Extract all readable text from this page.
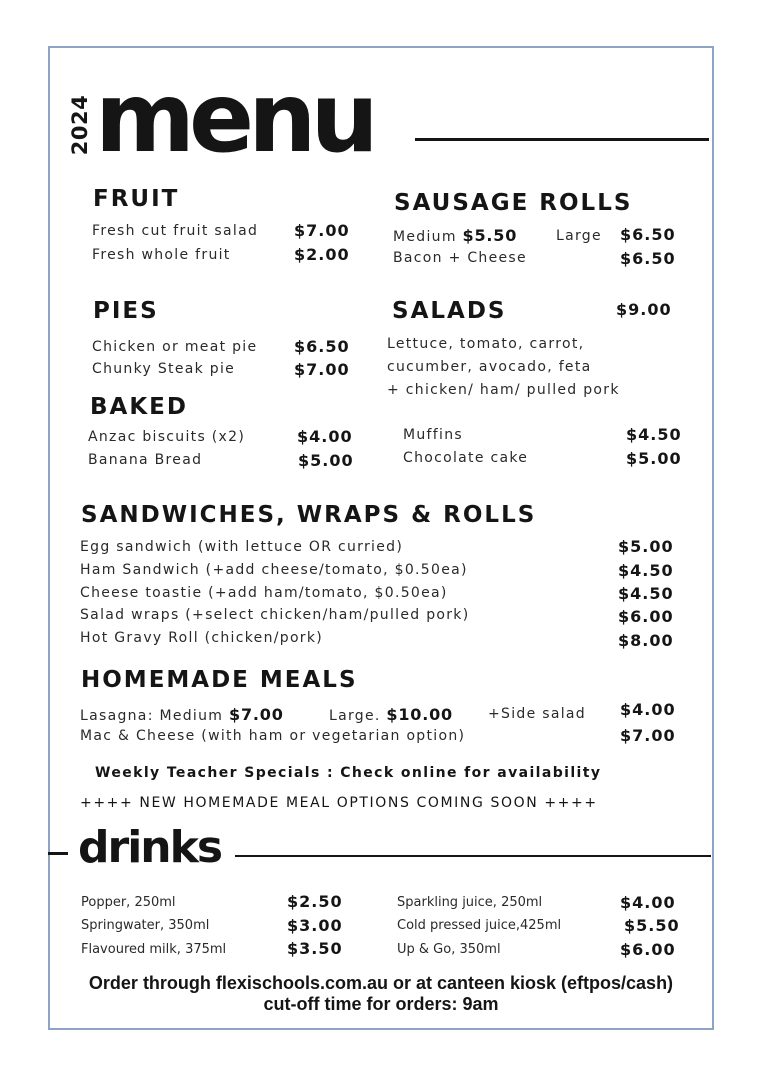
2024 menu
FRUIT
Fresh cut fruit salad $7.00
Fresh whole fruit	$2.00
SAUSAGE ROLLS
Medium $5.50	Large $6.50
Bacon + Cheese	$6.50
PIES
Chicken or meat pie $6.50
Chunky Steak pie	$7.00
SALADS	$9.00
Lettuce, tomato, carrot,
cucumber, avocado, feta
+ chicken/ ham/ pulled pork
BAKED
Anzac biscuits (x2)	$4.00
Banana Bread	$5.00
Muffins	$4.50
Chocolate cake	$5.00
SANDWICHES, WRAPS & ROLLS
Egg sandwich (with lettuce OR curried)	$5.00
Ham Sandwich (+add cheese/tomato, $0.50ea)	$4.50
Cheese toastie (+add ham/tomato, $0.50ea)	$4.50
Salad wraps (+select chicken/ham/pulled pork)	$6.00
Hot Gravy Roll (chicken/pork)	$8.00
HOMEMADE MEALS
Lasagna: Medium $7.00	Large. $10.00	+Side salad $4.00
Mac & Cheese (with ham or vegetarian option)	$7.00
Weekly Teacher Specials : Check online for availability
++++ NEW HOMEMADE MEAL OPTIONS COMING SOON ++++
drinks
Popper, 250ml	$2.50
Springwater, 350ml	$3.00
Flavoured milk, 375ml	$3.50
Sparkling juice, 250ml	$4.00
Cold pressed juice,425ml	$5.50
Up & Go, 350ml	$6.00
Order through flexischools.com.au or at canteen kiosk (eftpos/cash)
cut-off time for orders: 9am
